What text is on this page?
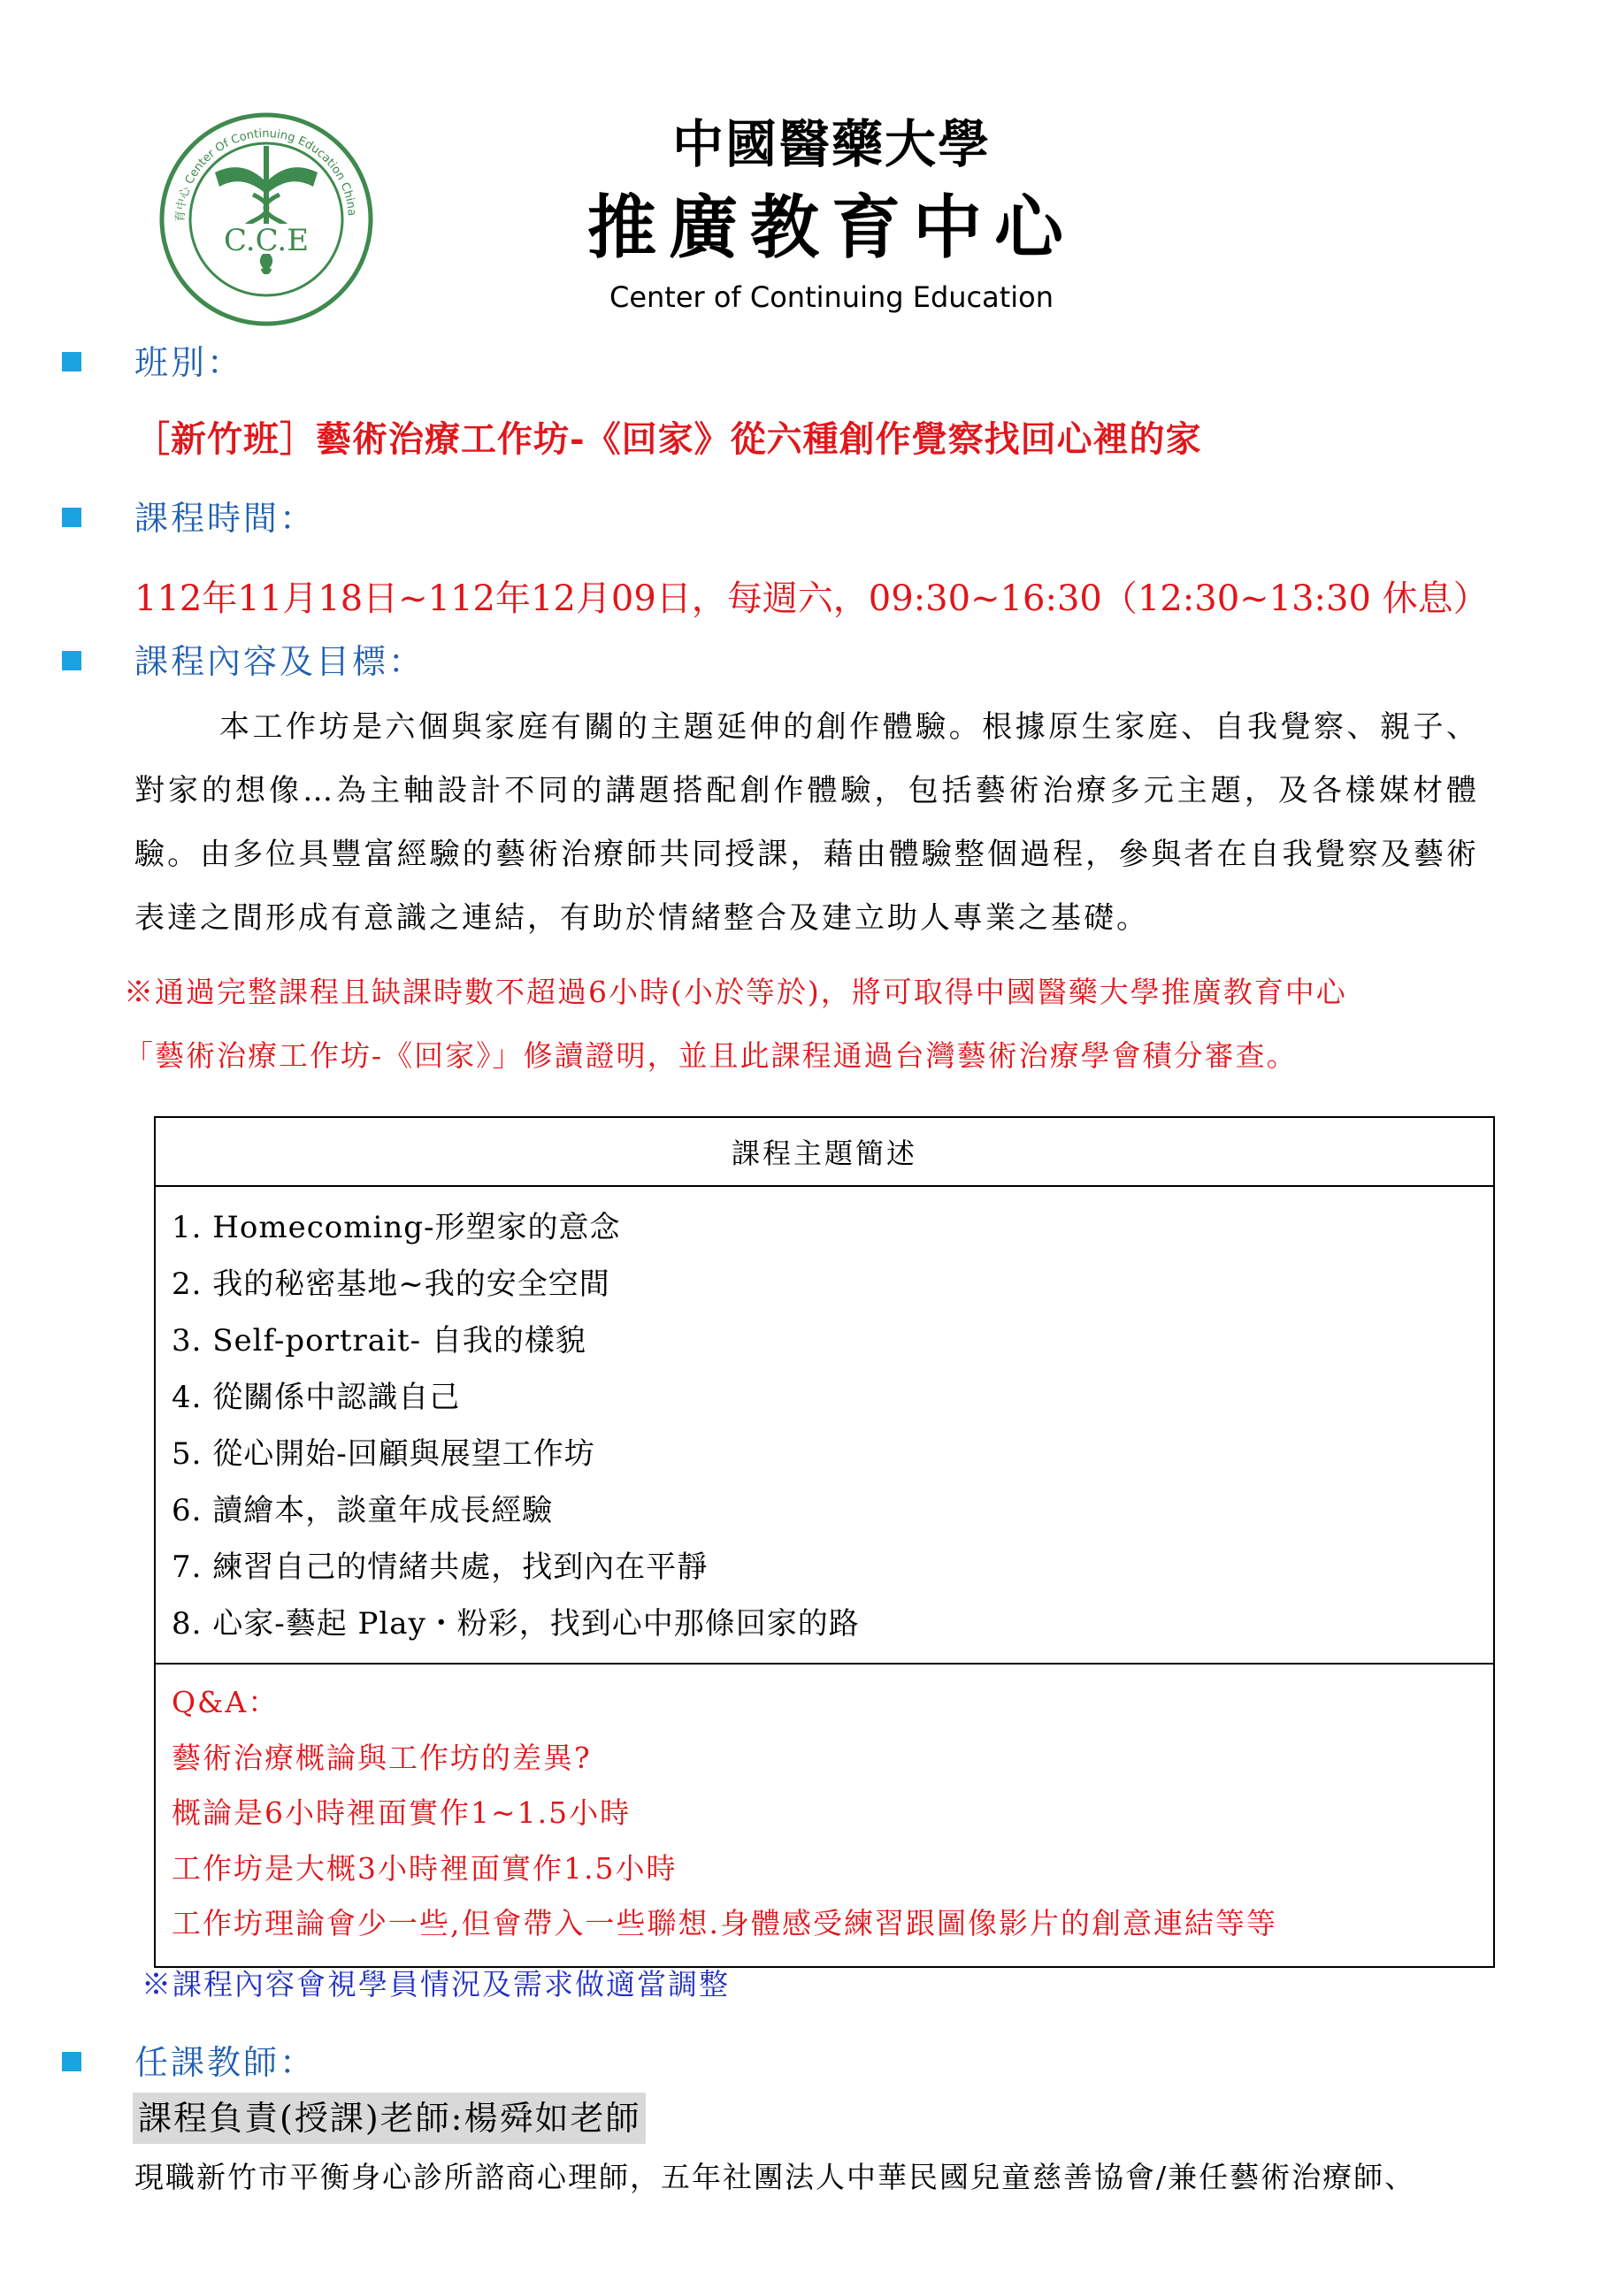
育中心 Center Of Continuing Education China
C.C.E
中國醫藥大學
推廣教育中心
Center of Continuing Education
班別：
［新竹班］藝術治療工作坊-《回家》從六種創作覺察找回心裡的家
課程時間：
112年11月18日~112年12月09日，每週六，09:30~16:30（12:30~13:30 休息）
課程內容及目標：
本工作坊是六個與家庭有關的主題延伸的創作體驗。根據原生家庭、自我覺察、親子、對家的想像…為主軸設計不同的講題搭配創作體驗，包括藝術治療多元主題，及各樣媒材體驗。由多位具豐富經驗的藝術治療師共同授課，藉由體驗整個過程，參與者在自我覺察及藝術表達之間形成有意識之連結，有助於情緒整合及建立助人專業之基礎。
※通過完整課程且缺課時數不超過6小時(小於等於)，將可取得中國醫藥大學推廣教育中心
「藝術治療工作坊-《回家》」修讀證明，並且此課程通過台灣藝術治療學會積分審查。
課程主題簡述
1. Homecoming-形塑家的意念
2. 我的秘密基地~我的安全空間
3. Self-portrait- 自我的樣貌
4. 從關係中認識自己
5. 從心開始-回顧與展望工作坊
6. 讀繪本，談童年成長經驗
7. 練習自己的情緒共處，找到內在平靜
8. 心家-藝起 Play・粉彩，找到心中那條回家的路
Q&A：
藝術治療概論與工作坊的差異?
概論是6小時裡面實作1~1.5小時
工作坊是大概3小時裡面實作1.5小時
工作坊理論會少一些,但會帶入一些聯想.身體感受練習跟圖像影片的創意連結等等
※課程內容會視學員情況及需求做適當調整
任課教師：
課程負責(授課)老師:楊舜如老師
現職新竹市平衡身心診所諮商心理師，五年社團法人中華民國兒童慈善協會/兼任藝術治療師、
